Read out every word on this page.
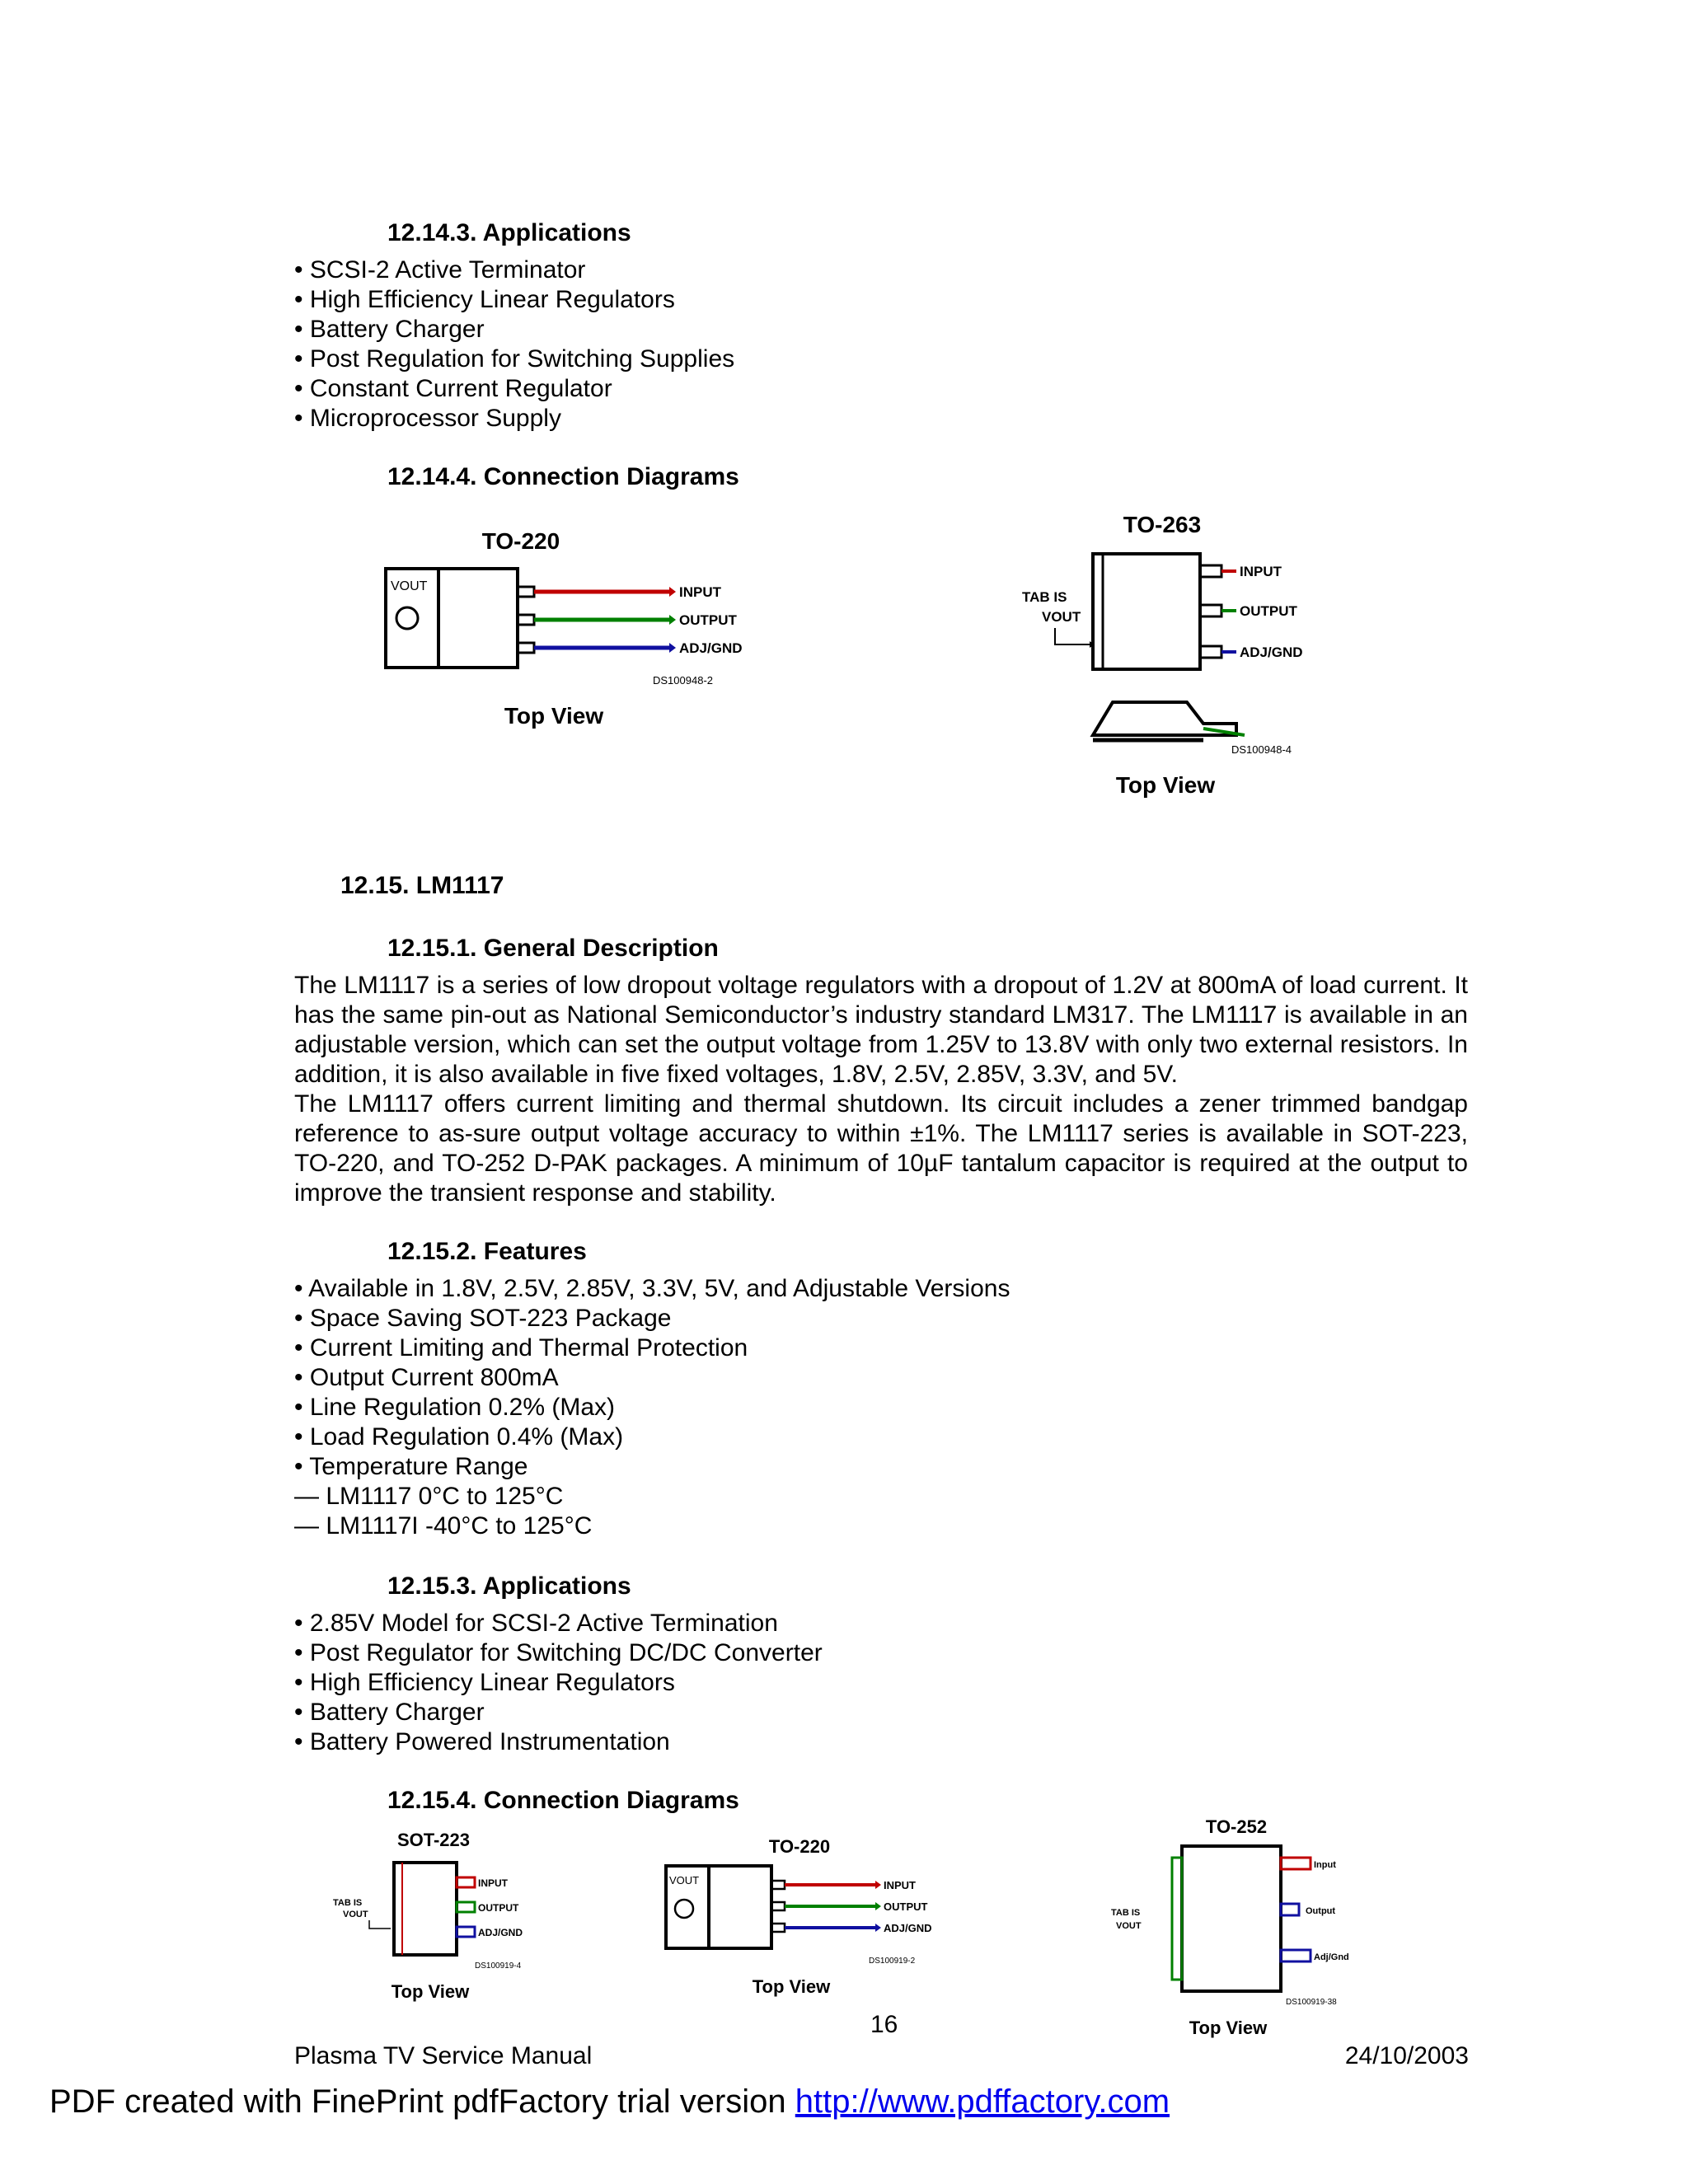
12.14.3. Applications
• SCSI-2 Active Terminator
• High Efficiency Linear Regulators
• Battery Charger
• Post Regulation for Switching Supplies
• Constant Current Regulator
• Microprocessor Supply
12.14.4. Connection Diagrams
TO-220
VOUT	INPUT
OUTPUT
ADJ/GND
DS100948-2
Top View
TO-263
TAB IS
VOUT
INPUT
OUTPUT
ADJ/GND
DS100948-4
Top View
12.15. LM1117
12.15.1. General Description

The LM1117 is a series of low dropout voltage regulators with a dropout of 1.2V at 800mA of load current. It has the same pin-out as National Semiconductor’s industry standard LM317. The LM1117 is available in an adjustable version, which can set the output voltage from 1.25V to 13.8V with only two external resistors. In addition, it is also available in five fixed voltages, 1.8V, 2.5V, 2.85V, 3.3V, and 5V.

The LM1117 offers current limiting and thermal shutdown. Its circuit includes a zener trimmed bandgap reference to as-sure output voltage accuracy to within ±1%. The LM1117 series is available in SOT-223, TO-220, and TO-252 D-PAK packages. A minimum of 10µF tantalum capacitor is required at the output to improve the transient response and stability.

12.15.2. Features
• Available in 1.8V, 2.5V, 2.85V, 3.3V, 5V, and Adjustable Versions
• Space Saving SOT-223 Package
• Current Limiting and Thermal Protection
• Output Current 800mA
• Line Regulation 0.2% (Max)
• Load Regulation 0.4% (Max)
• Temperature Range
— LM1117 0°C to 125°C
— LM1117I -40°C to 125°C
12.15.3. Applications
• 2.85V Model for SCSI-2 Active Termination
• Post Regulator for Switching DC/DC Converter
• High Efficiency Linear Regulators
• Battery Charger
• Battery Powered Instrumentation
12.15.4. Connection Diagrams
SOT-223
TAB IS
VOUT
INPUT
OUTPUT
ADJ/GND
DS100919-4
Top View
TO-220
VOUT	INPUT
OUTPUT
ADJ/GND
DS100919-2
Top View
TO-252
TAB IS
VOUT
Input
Output
Adj/Gnd
DS100919-38
Top View
16
Plasma TV Service Manual	24/10/2003
PDF created with FinePrint pdfFactory trial version http://www.pdffactory.com
